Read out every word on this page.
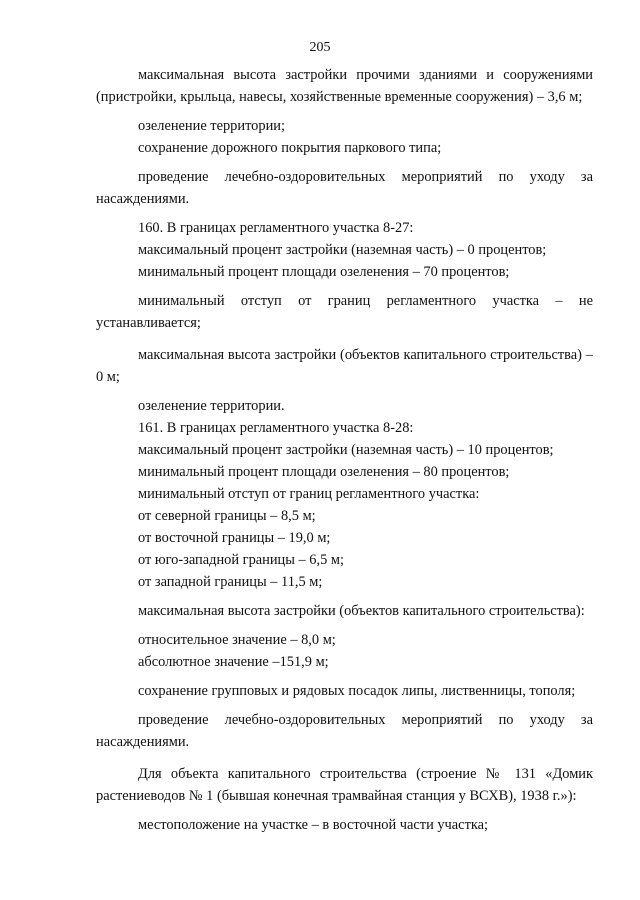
205

максимальная высота застройки прочими зданиями и сооружениями (пристройки, крыльца, навесы, хозяйственные временные сооружения) – 3,6 м;

озеленение территории;

сохранение дорожного покрытия паркового типа;

проведение лечебно-оздоровительных мероприятий по уходу за насаждениями.

160. В границах регламентного участка 8-27:

максимальный процент застройки (наземная часть) – 0 процентов;

минимальный процент площади озеленения – 70 процентов;

минимальный отступ от границ регламентного участка – не устанавливается;

максимальная высота застройки (объектов капитального строительства) – 0 м;

озеленение территории.

161. В границах регламентного участка 8-28:

максимальный процент застройки (наземная часть) – 10 процентов;

минимальный процент площади озеленения – 80 процентов;

минимальный отступ от границ регламентного участка:

от северной границы – 8,5 м;

от восточной границы – 19,0 м;

от юго-западной границы – 6,5 м;

от западной границы – 11,5 м;

максимальная высота застройки (объектов капитального строительства):

относительное значение – 8,0 м;

абсолютное значение –151,9 м;

сохранение групповых и рядовых посадок липы, лиственницы, тополя;

проведение лечебно-оздоровительных мероприятий по уходу за насаждениями.

Для объекта капитального строительства (строение № 131 «Домик растениеводов № 1 (бывшая конечная трамвайная станция у ВСХВ), 1938 г.»):

местоположение на участке – в восточной части участка;
